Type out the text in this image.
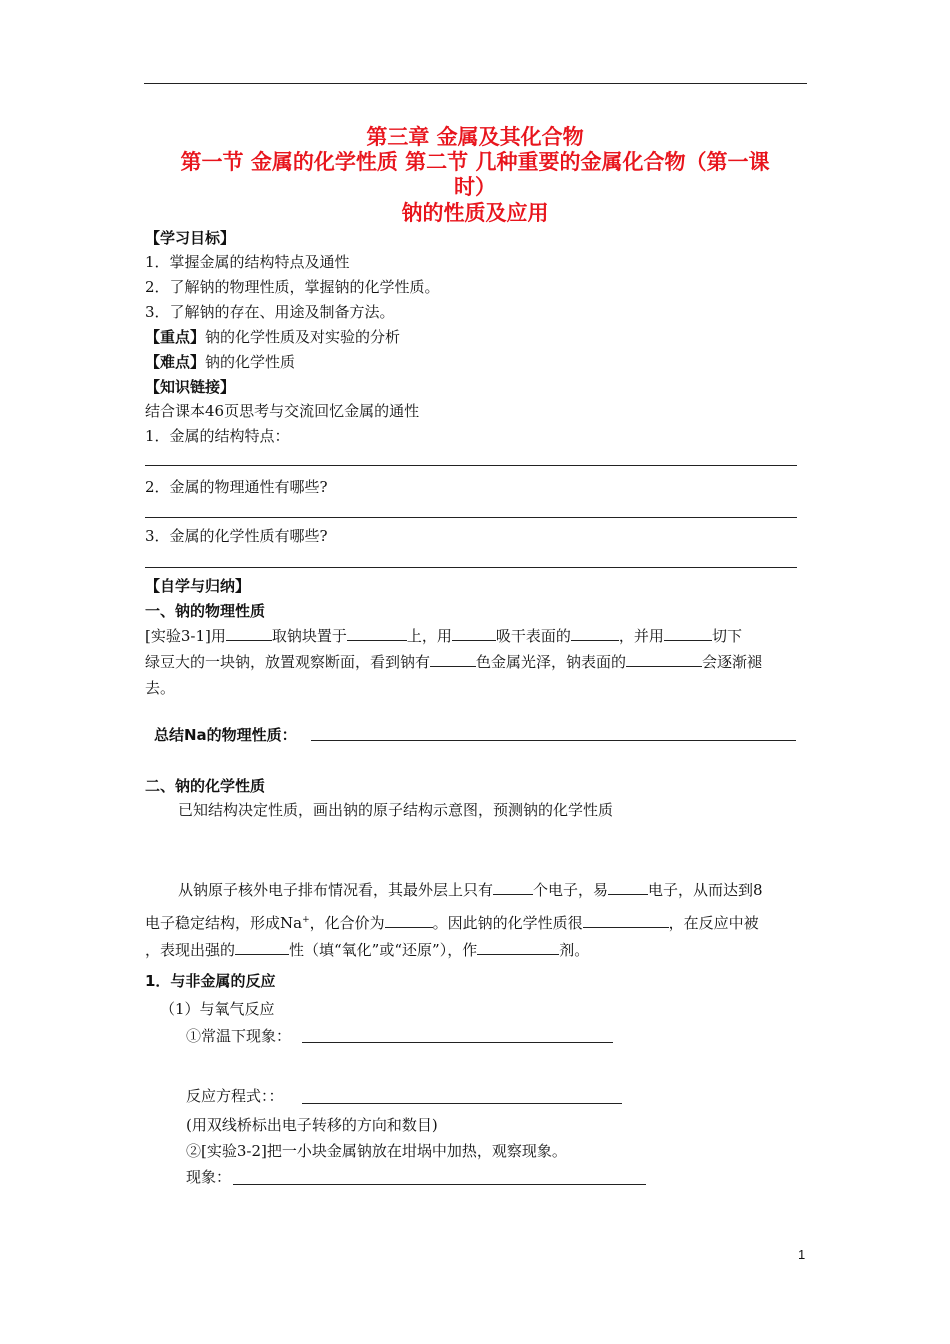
第三章 金属及其化合物
第一节 金属的化学性质 第二节 几种重要的金属化合物（第一课
时）
钠的性质及应用
【学习目标】
1．掌握金属的结构特点及通性
2．了解钠的物理性质，掌握钠的化学性质。
3．了解钠的存在、用途及制备方法。
【重点】钠的化学性质及对实验的分析
【难点】钠的化学性质
【知识链接】
结合课本46页思考与交流回忆金属的通性
1．金属的结构特点：
2．金属的物理通性有哪些?
3．金属的化学性质有哪些?
【自学与归纳】
一、钠的物理性质
[实验3-1]用	取钠块置于	上，用	吸干表面的	，并用	切下
绿豆大的一块钠，放置观察断面，看到钠有	色金属光泽，钠表面的	会逐渐褪
去。
总结Na的物理性质：
二、钠的化学性质
已知结构决定性质，画出钠的原子结构示意图，预测钠的化学性质
从钠原子核外电子排布情况看，其最外层上只有	个电子，易	电子，从而达到8
电子稳定结构，形成Na+，化合价为	。因此钠的化学性质很	，在反应中被
，表现出强的	性（填“氧化”或“还原”），作	剂。
1．与非金属的反应
（1）与氧气反应
①常温下现象：
反应方程式：：
(用双线桥标出电子转移的方向和数目)
②[实验3-2]把一小块金属钠放在坩埚中加热，观察现象。
现象：
1
